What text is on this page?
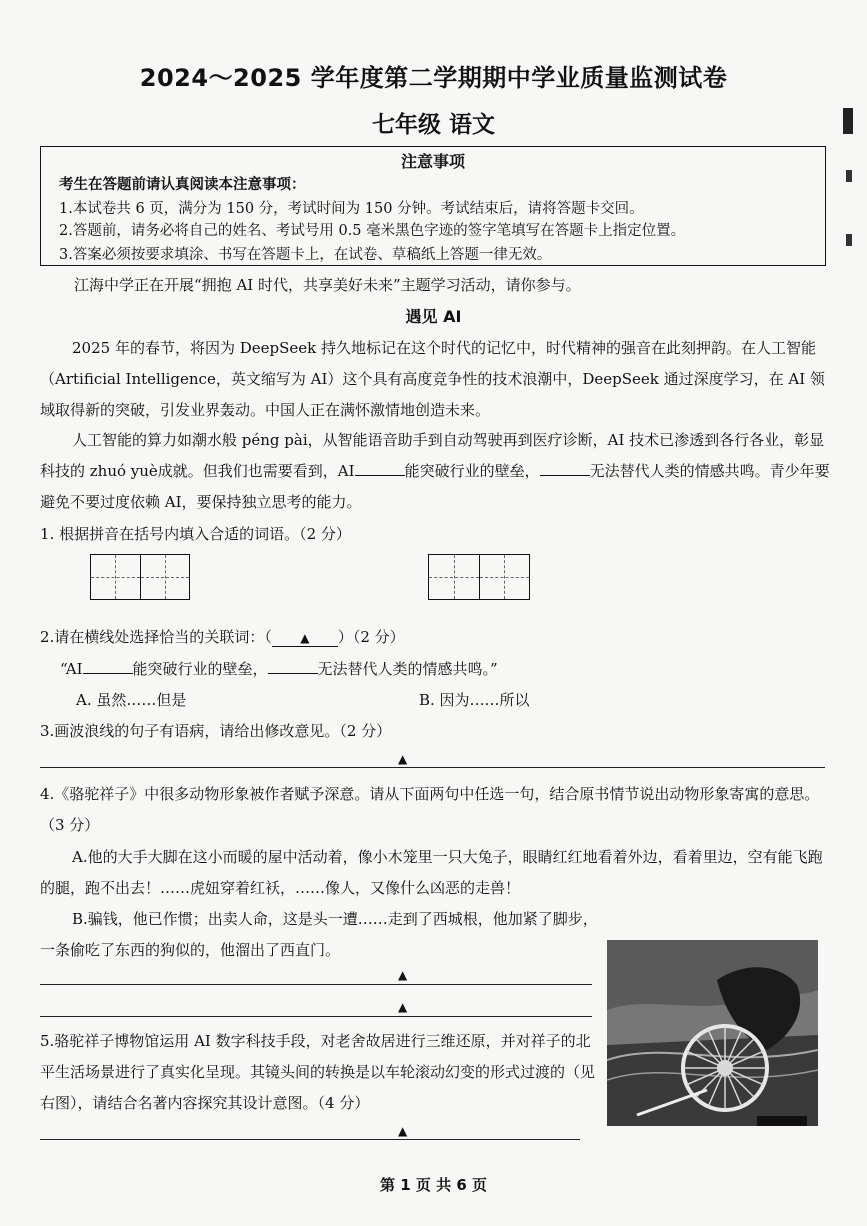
2024～2025 学年度第二学期期中学业质量监测试卷
七年级 语文
注意事项
考生在答题前请认真阅读本注意事项：
1.本试卷共 6 页，满分为 150 分，考试时间为 150 分钟。考试结束后，请将答题卡交回。
2.答题前，请务必将自己的姓名、考试号用 0.5 毫米黑色字迹的签字笔填写在答题卡上指定位置。
3.答案必须按要求填涂、书写在答题卡上，在试卷、草稿纸上答题一律无效。
江海中学正在开展“拥抱 AI 时代，共享美好未来”主题学习活动，请你参与。
遇见 AI
2025 年的春节，将因为 DeepSeek 持久地标记在这个时代的记忆中，时代精神的强音在此刻押韵。在人工智能（Artificial Intelligence，英文缩写为 AI）这个具有高度竞争性的技术浪潮中，DeepSeek 通过深度学习，在 AI 领域取得新的突破，引发业界轰动。中国人正在满怀激情地创造未来。
人工智能的算力如潮水般 péng pài，从智能语音助手到自动驾驶再到医疗诊断，AI 技术已渗透到各行各业，彰显科技的 zhuó yuè成就。但我们也需要看到，AI	能突破行业的壁垒，	无法替代人类的情感共鸣。青少年要避免不要过度依赖 AI，要保持独立思考的能力。
1. 根据拼音在括号内填入合适的词语。（2 分）
2.请在横线处选择恰当的关联词：（ ▲ ）（2 分）
“AI	能突破行业的壁垒，	无法替代人类的情感共鸣。”
A. 虽然……但是	B. 因为……所以
3.画波浪线的句子有语病，请给出修改意见。（2 分）
▲
4.《骆驼祥子》中很多动物形象被作者赋予深意。请从下面两句中任选一句，结合原书情节说出动物形象寄寓的意思。（3 分）
A.他的大手大脚在这小而暖的屋中活动着，像小木笼里一只大兔子，眼睛红红地看着外边，看着里边，空有能飞跑的腿，跑不出去！……虎妞穿着红袄，……像人，又像什么凶恶的走兽！
B.骗钱，他已作惯；出卖人命，这是头一遭……走到了西城根，他加紧了脚步，一条偷吃了东西的狗似的，他溜出了西直门。
▲
▲
5.骆驼祥子博物馆运用 AI 数字科技手段，对老舍故居进行三维还原，并对祥子的北平生活场景进行了真实化呈现。其镜头间的转换是以车轮滚动幻变的形式过渡的（见右图），请结合名著内容探究其设计意图。（4 分）
▲
第 1 页 共 6 页
